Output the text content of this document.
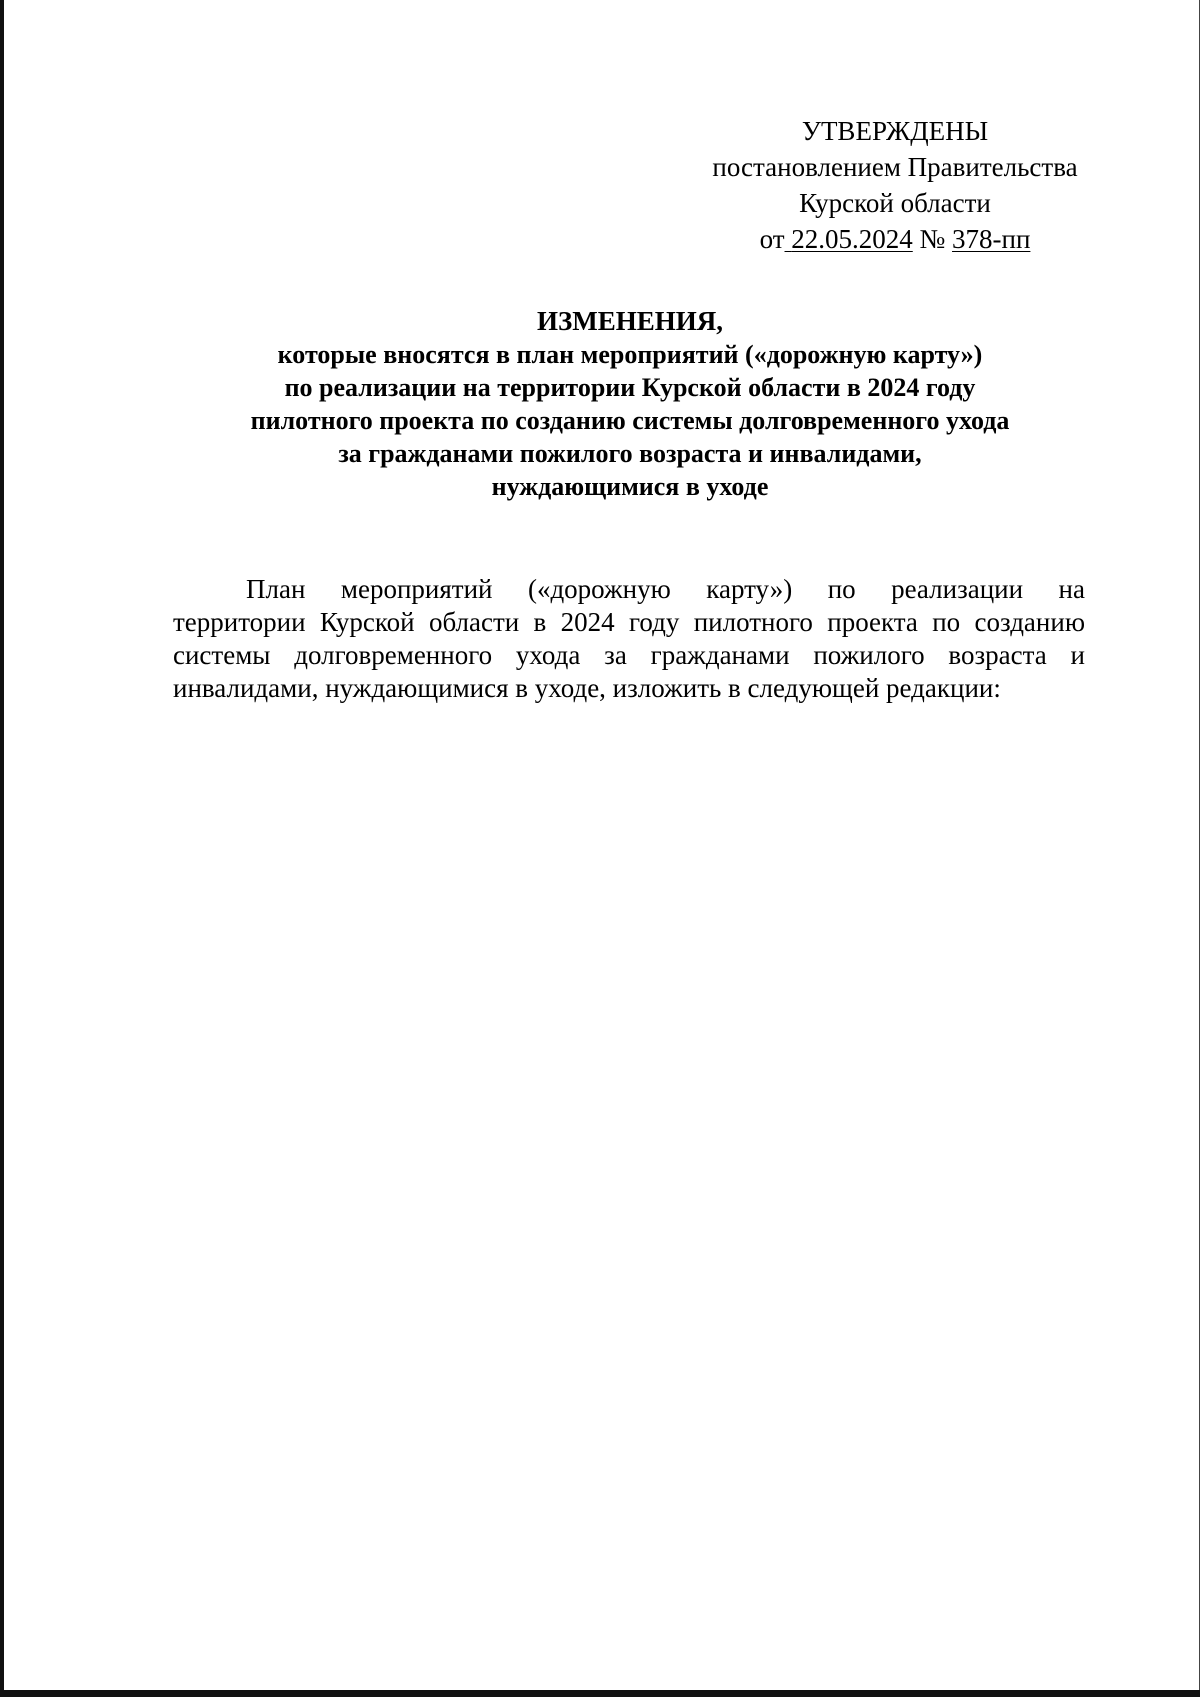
УТВЕРЖДЕНЫ
постановлением Правительства
Курской области
от 22.05.2024 № 378-пп
ИЗМЕНЕНИЯ,
которые вносятся в план мероприятий («дорожную карту»)
по реализации на территории Курской области в 2024 году
пилотного проекта по созданию системы долговременного ухода
за гражданами пожилого возраста и инвалидами,
нуждающимися в уходе
План мероприятий («дорожную карту») по реализации на
территории Курской области в 2024 году пилотного проекта по созданию
системы долговременного ухода за гражданами пожилого возраста и
инвалидами, нуждающимися в уходе, изложить в следующей редакции:
